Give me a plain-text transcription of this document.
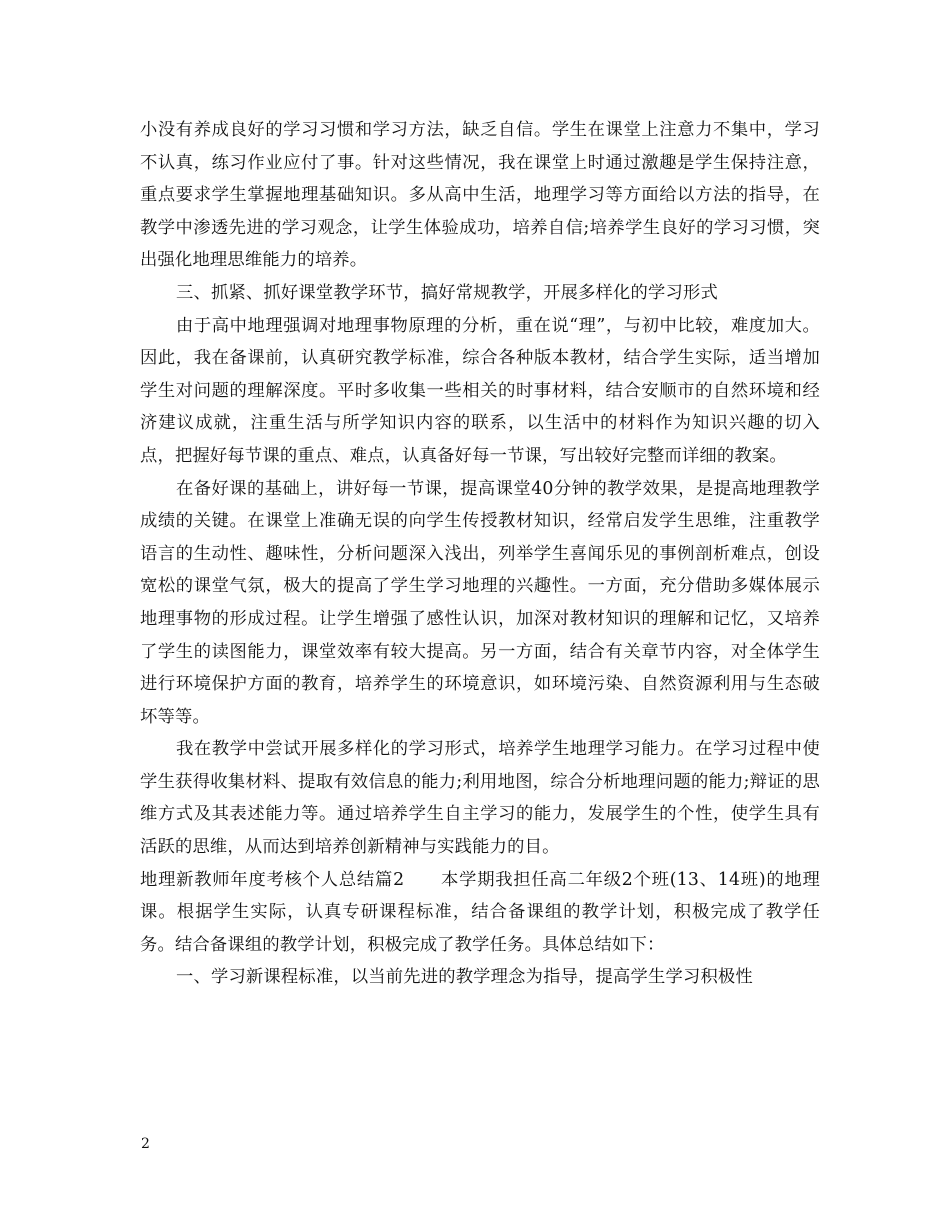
小没有养成良好的学习习惯和学习方法，缺乏自信。学生在课堂上注意力不集中，学习不认真，练习作业应付了事。针对这些情况，我在课堂上时通过激趣是学生保持注意，重点要求学生掌握地理基础知识。多从高中生活，地理学习等方面给以方法的指导，在教学中渗透先进的学习观念，让学生体验成功，培养自信;培养学生良好的学习习惯，突出强化地理思维能力的培养。

三、抓紧、抓好课堂教学环节，搞好常规教学，开展多样化的学习形式

由于高中地理强调对地理事物原理的分析，重在说“理”，与初中比较，难度加大。因此，我在备课前，认真研究教学标准，综合各种版本教材，结合学生实际，适当增加学生对问题的理解深度。平时多收集一些相关的时事材料，结合安顺市的自然环境和经济建议成就，注重生活与所学知识内容的联系，以生活中的材料作为知识兴趣的切入点，把握好每节课的重点、难点，认真备好每一节课，写出较好完整而详细的教案。

在备好课的基础上，讲好每一节课，提高课堂40分钟的教学效果，是提高地理教学成绩的关键。在课堂上准确无误的向学生传授教材知识，经常启发学生思维，注重教学语言的生动性、趣味性，分析问题深入浅出，列举学生喜闻乐见的事例剖析难点，创设宽松的课堂气氛，极大的提高了学生学习地理的兴趣性。一方面，充分借助多媒体展示地理事物的形成过程。让学生增强了感性认识，加深对教材知识的理解和记忆，又培养了学生的读图能力，课堂效率有较大提高。另一方面，结合有关章节内容，对全体学生进行环境保护方面的教育，培养学生的环境意识，如环境污染、自然资源利用与生态破坏等等。

我在教学中尝试开展多样化的学习形式，培养学生地理学习能力。在学习过程中使学生获得收集材料、提取有效信息的能力;利用地图，综合分析地理问题的能力;辩证的思维方式及其表述能力等。通过培养学生自主学习的能力，发展学生的个性，使学生具有活跃的思维，从而达到培养创新精神与实践能力的目。

地理新教师年度考核个人总结篇2　　本学期我担任高二年级2个班(13、14班)的地理课。根据学生实际，认真专研课程标准，结合备课组的教学计划，积极完成了教学任务。结合备课组的教学计划，积极完成了教学任务。具体总结如下：

一、学习新课程标准，以当前先进的教学理念为指导，提高学生学习积极性

2
